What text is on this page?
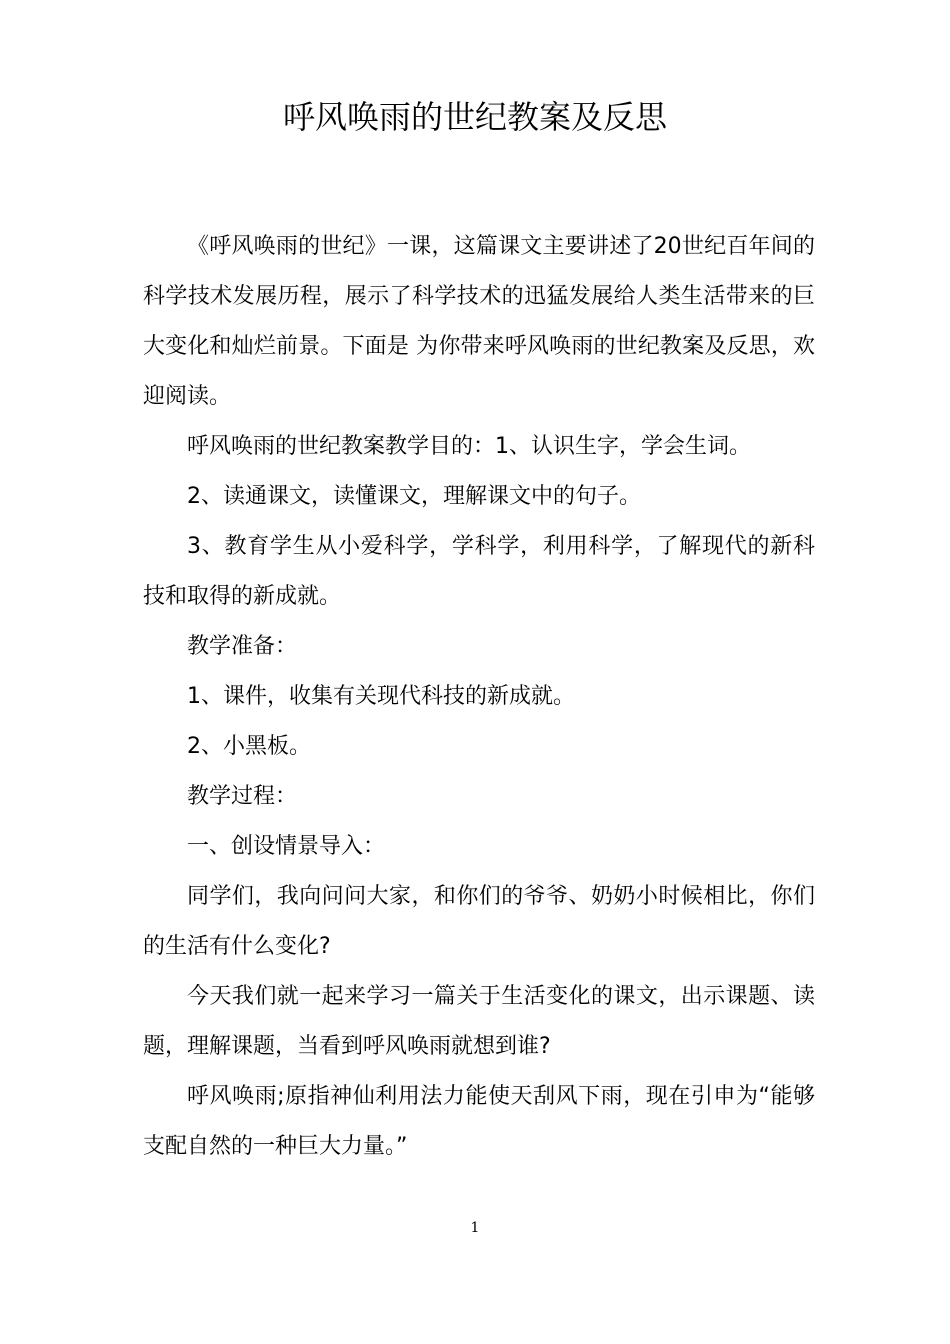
呼风唤雨的世纪教案及反思

《呼风唤雨的世纪》一课，这篇课文主要讲述了20世纪百年间的科学技术发展历程，展示了科学技术的迅猛发展给人类生活带来的巨大变化和灿烂前景。下面是 为你带来呼风唤雨的世纪教案及反思，欢迎阅读。

呼风唤雨的世纪教案教学目的：1、认识生字，学会生词。

2、读通课文，读懂课文，理解课文中的句子。

3、教育学生从小爱科学，学科学，利用科学，了解现代的新科技和取得的新成就。

教学准备：

1、课件，收集有关现代科技的新成就。

2、小黑板。

教学过程：

一、创设情景导入：

同学们，我向问问大家，和你们的爷爷、奶奶小时候相比，你们的生活有什么变化?

今天我们就一起来学习一篇关于生活变化的课文，出示课题、读题，理解课题，当看到呼风唤雨就想到谁?

呼风唤雨;原指神仙利用法力能使天刮风下雨，现在引申为“能够支配自然的一种巨大力量。”

1
